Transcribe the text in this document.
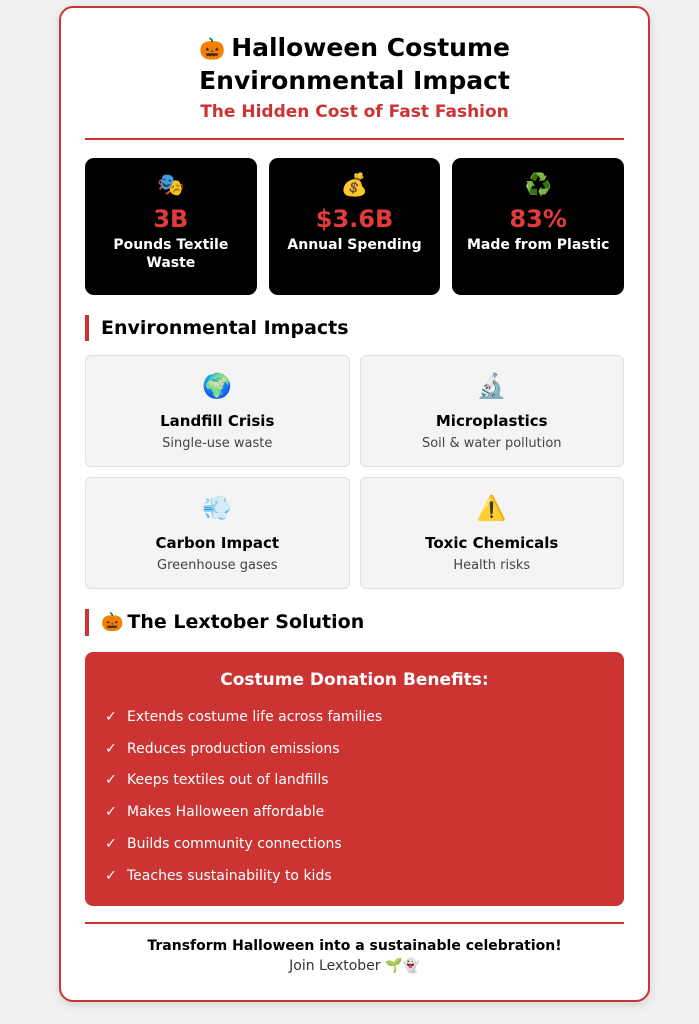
🎃 Halloween Costume Environmental Impact
The Hidden Cost of Fast Fashion
🎭
3B
Pounds Textile Waste
💰
$3.6B
Annual Spending
♻️
83%
Made from Plastic
Environmental Impacts
🌍
Landfill Crisis
Single-use waste
🔬
Microplastics
Soil & water pollution
💨
Carbon Impact
Greenhouse gases
⚠️
Toxic Chemicals
Health risks
🎃 The Lextober Solution
Costume Donation Benefits:
✓ Extends costume life across families
✓ Reduces production emissions
✓ Keeps textiles out of landfills
✓ Makes Halloween affordable
✓ Builds community connections
✓ Teaches sustainability to kids
Transform Halloween into a sustainable celebration!
Join Lextober 🌱👻
